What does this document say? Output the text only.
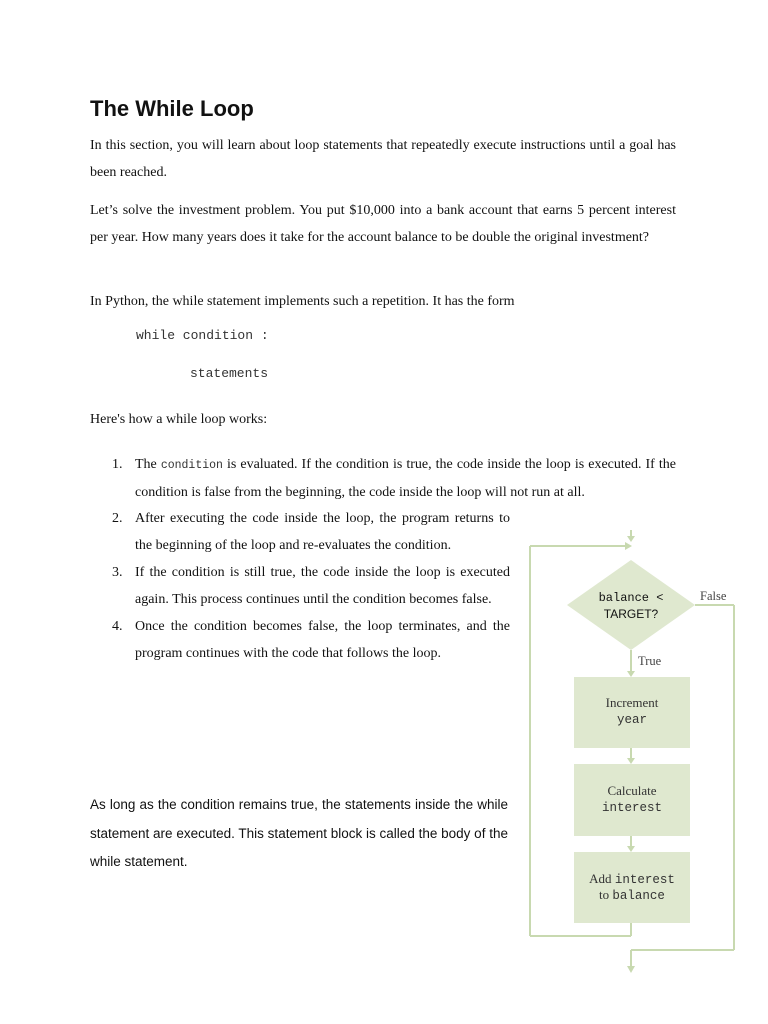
The While Loop

In this section, you will learn about loop statements that repeatedly execute instructions until a goal has been reached.

Let’s solve the investment problem. You put $10,000 into a bank account that earns 5 percent interest per year. How many years does it take for the account balance to be double the original investment?

In Python, the while statement implements such a repetition. It has the form

while condition :
statements

Here's how a while loop works:

1. The condition is evaluated. If the condition is true, the code inside the loop is executed. If the condition is false from the beginning, the code inside the loop will not run at all.
2. After executing the code inside the loop, the program returns to the beginning of the loop and re-evaluates the condition.
3. If the condition is still true, the code inside the loop is executed again. This process continues until the condition becomes false.
4. Once the condition becomes false, the loop terminates, and the program continues with the code that follows the loop.

As long as the condition remains true, the statements inside the while statement are executed. This statement block is called the body of the while statement.

balance <
TARGET?
False
True
Increment
year
Calculate
interest
Add interest
to balance
